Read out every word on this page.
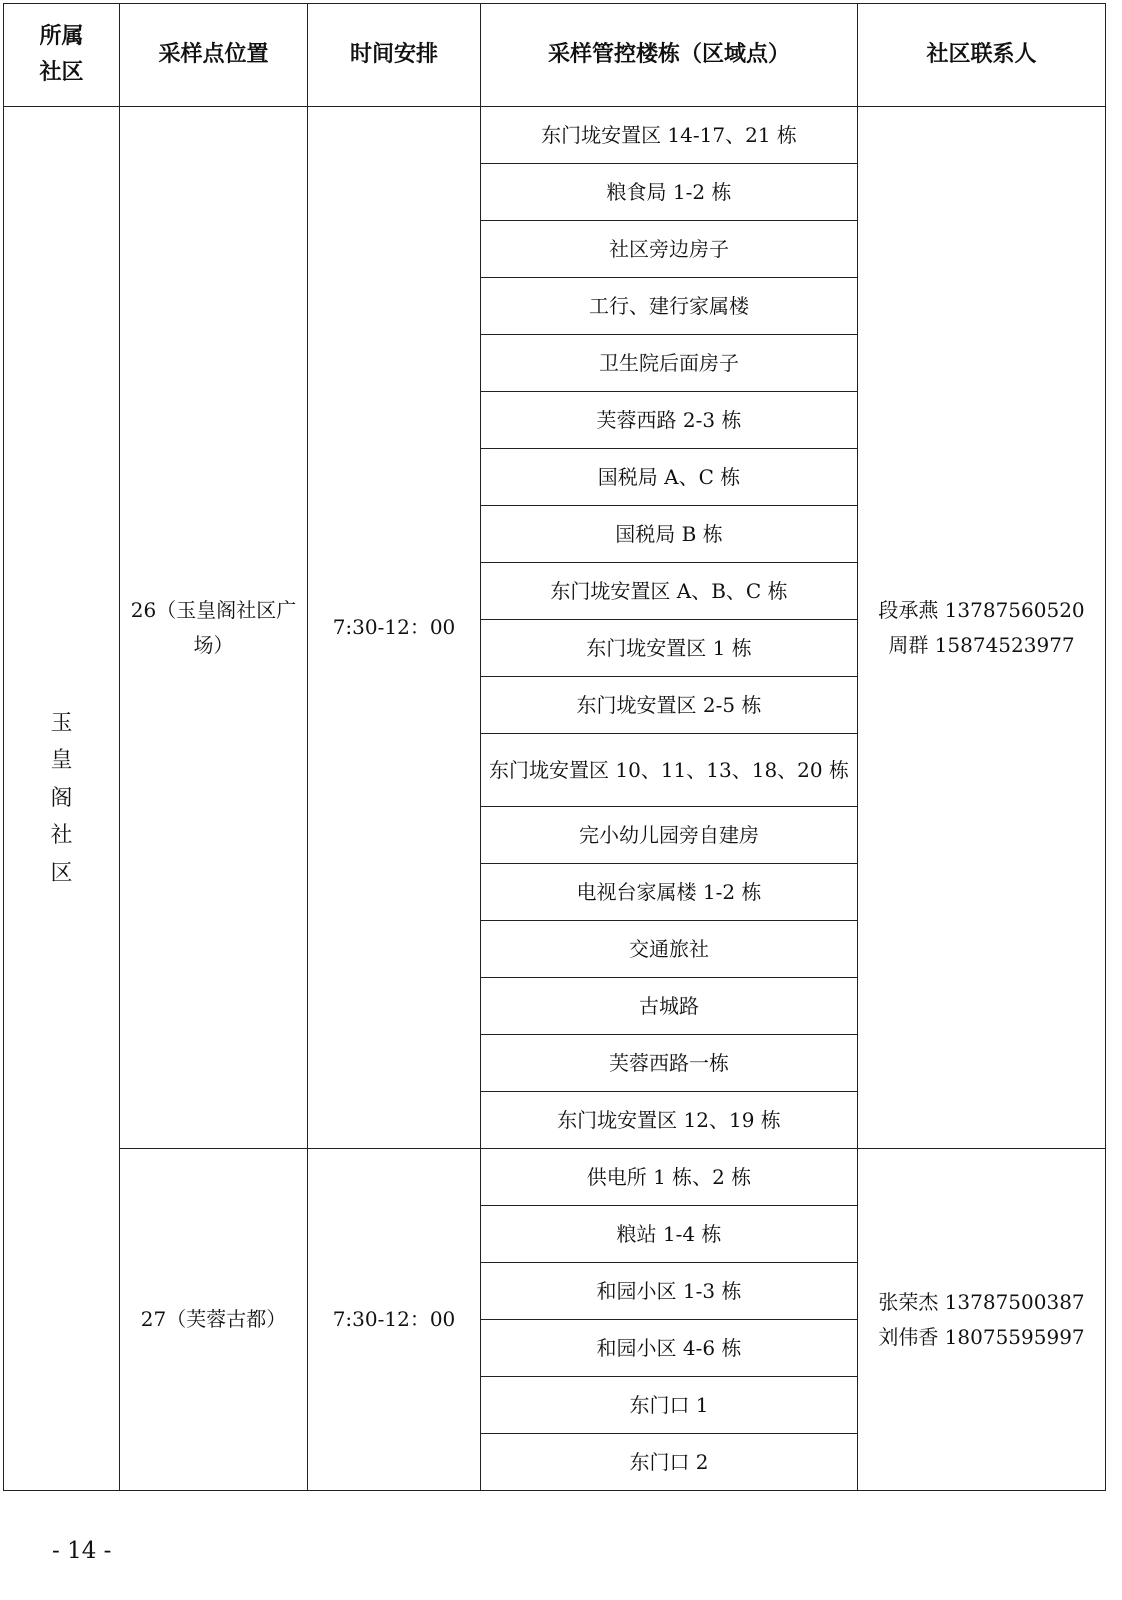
所属
社区	采样点位置	时间安排	采样管控楼栋（区域点）	社区联系人
玉皇阁社区	26（玉皇阁社区广场）	7:30-12：00	东门垅安置区 14-17、21 栋	段承燕 13787560520
周群 15874523977
			粮食局 1-2 栋	
			社区旁边房子	
			工行、建行家属楼	
			卫生院后面房子	
			芙蓉西路 2-3 栋	
			国税局 A、C 栋	
			国税局 B 栋	
			东门垅安置区 A、B、C 栋	
			东门垅安置区 1 栋	
			东门垅安置区 2-5 栋	
			东门垅安置区 10、11、13、18、20 栋	
			完小幼儿园旁自建房	
			电视台家属楼 1-2 栋	
			交通旅社	
			古城路	
			芙蓉西路一栋	
			东门垅安置区 12、19 栋	
	27（芙蓉古都）	7:30-12：00	供电所 1 栋、2 栋	张荣杰 13787500387
刘伟香 18075595997
			粮站 1-4 栋	
			和园小区 1-3 栋	
			和园小区 4-6 栋	
			东门口 1	
			东门口 2	
- 14 -
